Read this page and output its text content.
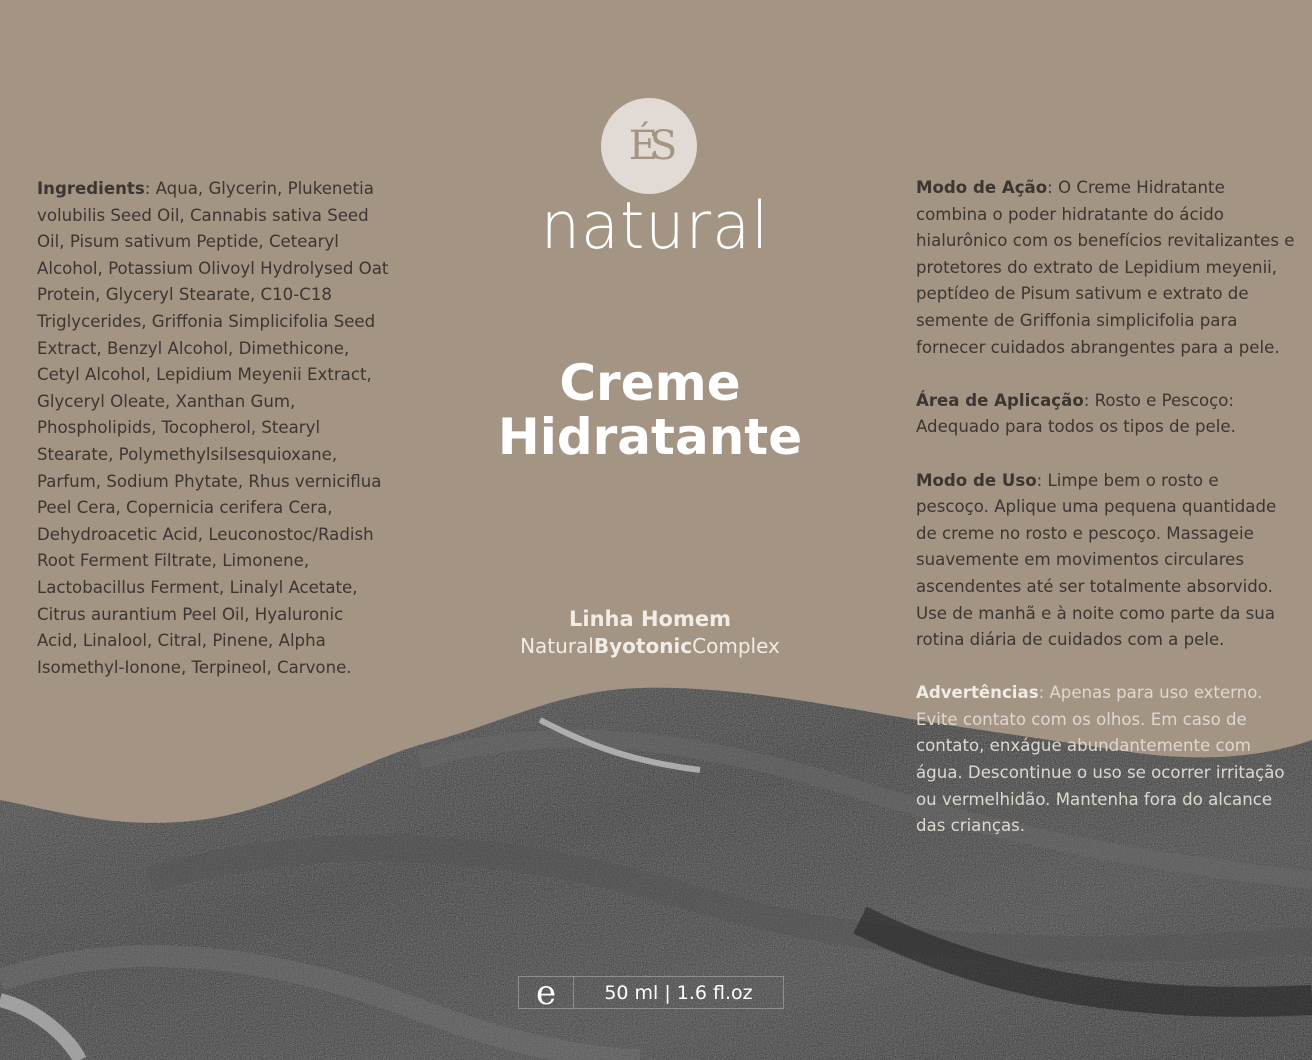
Ingredients: Aqua, Glycerin, Plukenetia volubilis Seed Oil, Cannabis sativa Seed Oil, Pisum sativum Peptide, Cetearyl Alcohol, Potassium Olivoyl Hydrolysed Oat Protein, Glyceryl Stearate, C10-C18 Triglycerides, Griffonia Simplicifolia Seed Extract, Benzyl Alcohol, Dimethicone, Cetyl Alcohol, Lepidium Meyenii Extract, Glyceryl Oleate, Xanthan Gum, Phospholipids, Tocopherol, Stearyl Stearate, Polymethylsilsesquioxane, Parfum, Sodium Phytate, Rhus verniciflua Peel Cera, Copernicia cerifera Cera, Dehydroacetic Acid, Leuconostoc/Radish Root Ferment Filtrate, Limonene, Lactobacillus Ferment, Linalyl Acetate, Citrus aurantium Peel Oil, Hyaluronic Acid, Linalool, Citral, Pinene, Alpha Isomethyl-Ionone, Terpineol, Carvone.
ÉS
natural
Creme
Hidratante
Linha Homem
NaturalByotonicComplex

Modo de Ação: O Creme Hidratante combina o poder hidratante do ácido hialurônico com os benefícios revitalizantes e protetores do extrato de Lepidium meyenii, peptídeo de Pisum sativum e extrato de semente de Griffonia simplicifolia para fornecer cuidados abrangentes para a pele.

Área de Aplicação: Rosto e Pescoço: Adequado para todos os tipos de pele.

Modo de Uso: Limpe bem o rosto e pescoço. Aplique uma pequena quantidade de creme no rosto e pescoço. Massageie suavemente em movimentos circulares ascendentes até ser totalmente absorvido. Use de manhã e à noite como parte da sua rotina diária de cuidados com a pele.

Advertências: Apenas para uso externo. Evite contato com os olhos. Em caso de contato, enxágue abundantemente com água. Descontinue o uso se ocorrer irritação ou vermelhidão. Mantenha fora do alcance das crianças.

e	50 ml | 1.6 fl.oz
